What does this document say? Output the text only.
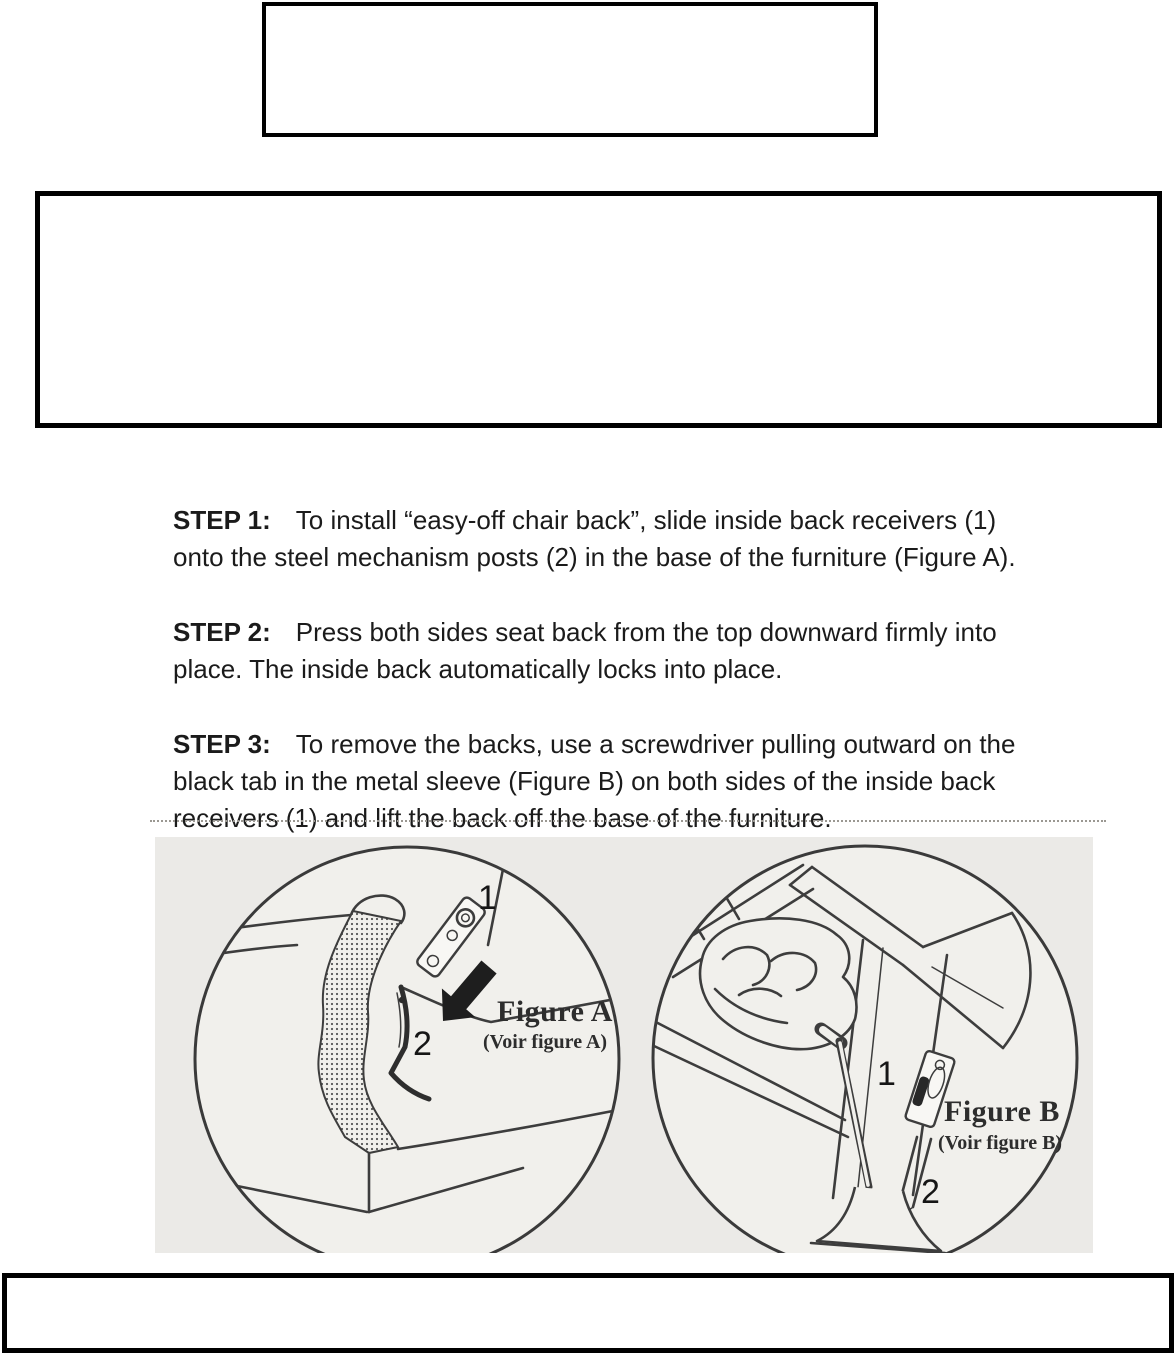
STEP 1: To install “easy-off chair back”, slide inside back receivers (1)
onto the steel mechanism posts (2) in the base of the furniture (Figure A).
STEP 2: Press both sides seat back from the top downward firmly into
place. The inside back automatically locks into place.
STEP 3: To remove the backs, use a screwdriver pulling outward on the
black tab in the metal sleeve (Figure B) on both sides of the inside back
receivers (1) and lift the back off the base of the furniture.
1
2
Figure A
(Voir figure A)
1
2
Figure B
(Voir figure B)
